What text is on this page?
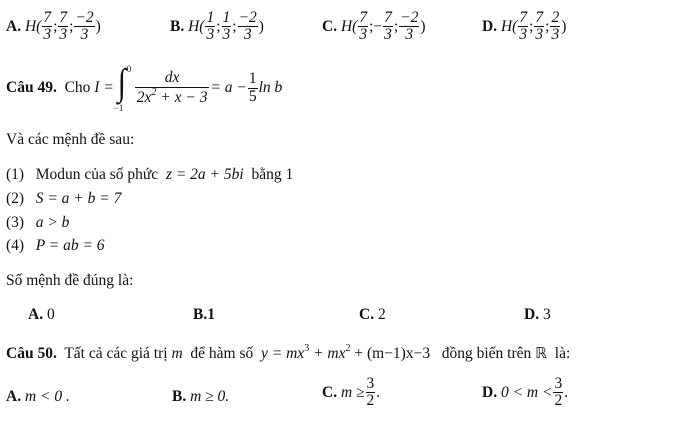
A.
$H( \frac{7}{3}$ ; $\frac{7}{3}$ ; $\frac{-2}{3}$ )	B.
$H( \frac{1}{3}$ ; $\frac{1}{3}$ ; $\frac{-2}{3}$ )	C.
$H( \frac{7}{3}$ ;− $\frac{7}{3}$ ; $\frac{-2}{3}$ )	D.
$H( \frac{7}{3}$ ; $\frac{7}{3}$ ; $\frac{2}{3}$ )
Câu 49.
Cho
I = ∫ 0
−1
$\frac{dx}{2x^2 + x - 3} = a - \frac{1}{5}$ ln b
Và các mệnh đề sau:
(1) Modun của số phức z = 2a + 5bi bằng 1
(2) S = a + b = 7
(3) a > b
(4) P = ab = 6
Số mệnh đề đúng là:
A. 0	B.1	C. 2	D. 3
Câu 50. Tất cả các giá trị m để hàm số $y = mx^3 + mx^2 + (m-1)x-3$ đồng biến trên ℝ là:
A. m < 0 .	B. m ≥ 0.	C.
$m \ge \frac{3}{2}$ .	D.
$0 < m < \frac{3}{2}$ .
